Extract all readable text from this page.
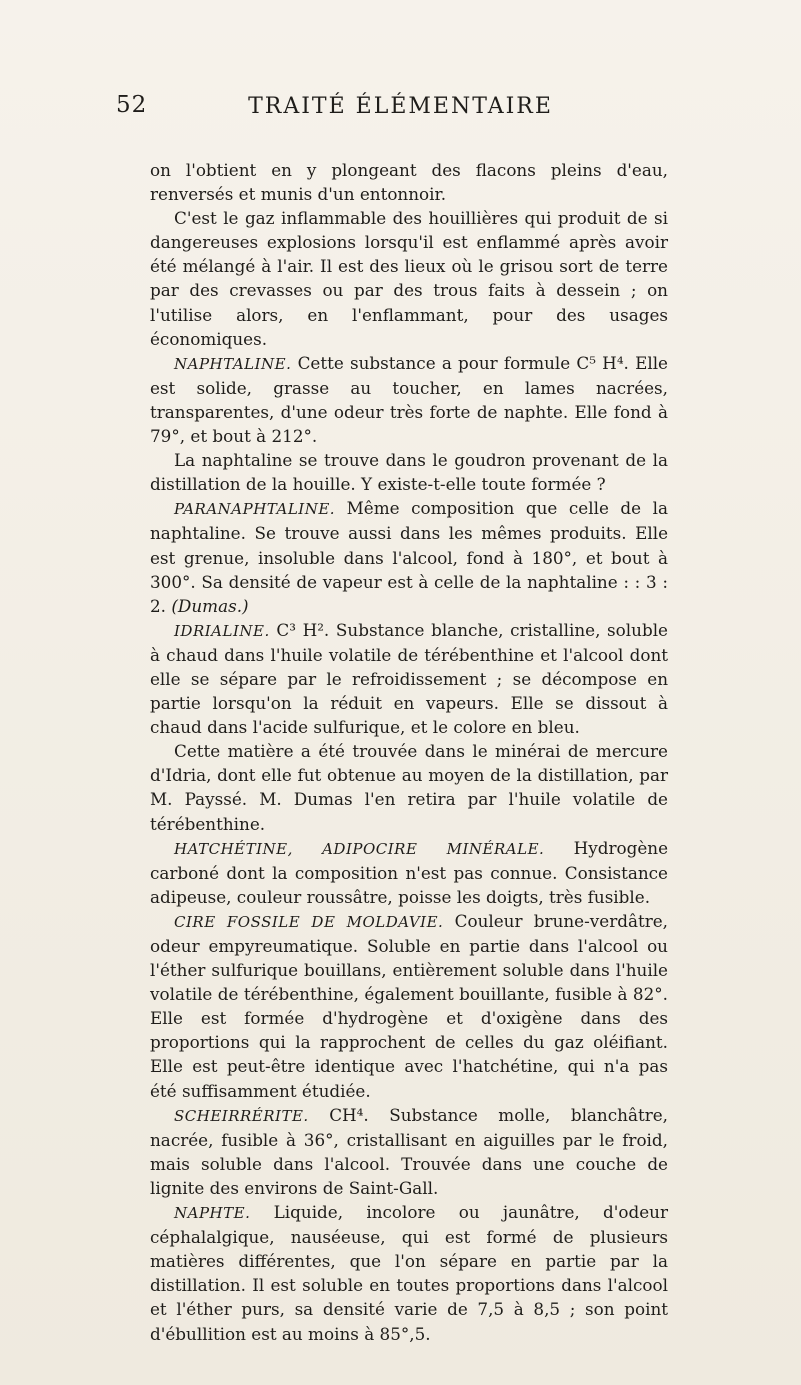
52	TRAITÉ ÉLÉMENTAIRE

on l'obtient en y plongeant des flacons pleins d'eau, renversés et munis d'un entonnoir.

C'est le gaz inflammable des houillières qui produit de si dangereuses explosions lorsqu'il est enflammé après avoir été mélangé à l'air. Il est des lieux où le grisou sort de terre par des crevasses ou par des trous faits à dessein ; on l'utilise alors, en l'enflammant, pour des usages économiques.

NAPHTALINE. Cette substance a pour formule C⁵ H⁴. Elle est solide, grasse au toucher, en lames nacrées, transparentes, d'une odeur très forte de naphte. Elle fond à 79°, et bout à 212°.

La naphtaline se trouve dans le goudron provenant de la distillation de la houille. Y existe-t-elle toute formée ?

PARANAPHTALINE. Même composition que celle de la naphtaline. Se trouve aussi dans les mêmes produits. Elle est grenue, insoluble dans l'alcool, fond à 180°, et bout à 300°. Sa densité de vapeur est à celle de la naphtaline : : 3 : 2. (Dumas.)

IDRIALINE. C³ H². Substance blanche, cristalline, soluble à chaud dans l'huile volatile de térébenthine et l'alcool dont elle se sépare par le refroidissement ; se décompose en partie lorsqu'on la réduit en vapeurs. Elle se dissout à chaud dans l'acide sulfurique, et le colore en bleu.

Cette matière a été trouvée dans le minérai de mercure d'Idria, dont elle fut obtenue au moyen de la distillation, par M. Payssé. M. Dumas l'en retira par l'huile volatile de térébenthine.

HATCHÉTINE, ADIPOCIRE MINÉRALE. Hydrogène carboné dont la composition n'est pas connue. Consistance adipeuse, couleur roussâtre, poisse les doigts, très fusible.

CIRE FOSSILE DE MOLDAVIE. Couleur brune-verdâtre, odeur empyreumatique. Soluble en partie dans l'alcool ou l'éther sulfurique bouillans, entièrement soluble dans l'huile volatile de térébenthine, également bouillante, fusible à 82°. Elle est formée d'hydrogène et d'oxigène dans des proportions qui la rapprochent de celles du gaz oléifiant. Elle est peut-être identique avec l'hatchétine, qui n'a pas été suffisamment étudiée.

SCHEIRRÉRITE. CH⁴. Substance molle, blanchâtre, nacrée, fusible à 36°, cristallisant en aiguilles par le froid, mais soluble dans l'alcool. Trouvée dans une couche de lignite des environs de Saint-Gall.

NAPHTE. Liquide, incolore ou jaunâtre, d'odeur céphalalgique, nauséeuse, qui est formé de plusieurs matières différentes, que l'on sépare en partie par la distillation. Il est soluble en toutes proportions dans l'alcool et l'éther purs, sa densité varie de 7,5 à 8,5 ; son point d'ébullition est au moins à 85°,5.
